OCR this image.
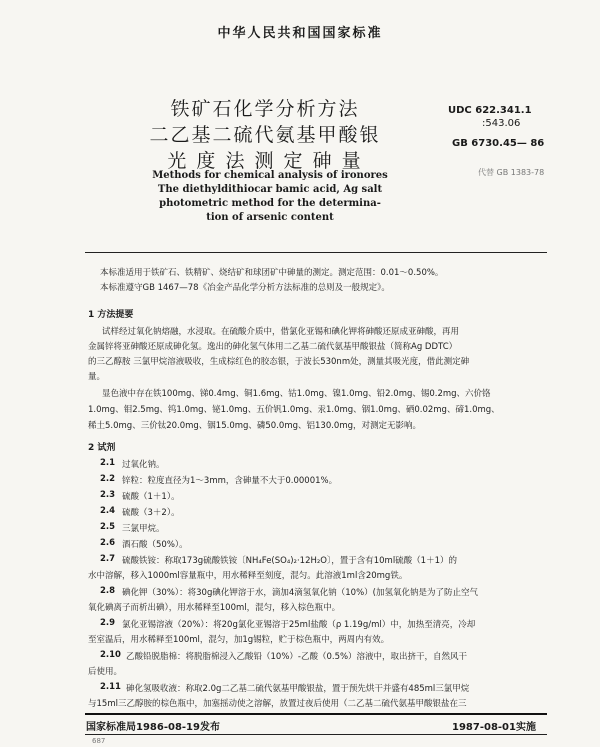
中华人民共和国国家标准
铁矿石化学分析方法
二乙基二硫代氨基甲酸银
光 度 法 测 定 砷 量
Methods for chemical analysis of ironores
The diethyldithiocar bamic acid, Ag salt
photometric method for the determina-
tion of arsenic content
UDC 622.341.1
:543.06
GB 6730.45— 86
代替 GB 1383-78
本标准适用于铁矿石、铁精矿、烧结矿和球团矿中砷量的测定。测定范围：0.01～0.50%。
本标准遵守GB 1467—78《冶金产品化学分析方法标准的总则及一般规定》。
1 方法提要
试样经过氧化钠熔融，水浸取。在硫酸介质中，借氯化亚锡和碘化钾将砷酸还原成亚砷酸，再用
金属锌将亚砷酸还原成砷化氢。逸出的砷化氢气体用二乙基二硫代氨基甲酸银盐（简称Ag DDTC）
的三乙醇胺 三氯甲烷溶液吸收，生成棕红色的胶态银，于波长530nm处，测量其吸光度，借此测定砷
量。
显色液中存在铁100mg、锑0.4mg、铜1.6mg、钴1.0mg、镍1.0mg、铅2.0mg、锡0.2mg、六价铬
1.0mg、钼2.5mg、钨1.0mg、铋1.0mg、五价钒1.0mg、汞1.0mg、铟1.0mg、硒0.02mg、碲1.0mg、
稀土5.0mg、三价钛20.0mg、铟15.0mg、磷50.0mg、铝130.0mg，对测定无影响。
2 试剂
2.1 过氧化钠。
2.2 锌粒：粒度直径为1～3mm，含砷量不大于0.00001%。
2.3 硫酸（1＋1）。
2.4 硫酸（3＋2）。
2.5 三氯甲烷。
2.6 酒石酸（50%）。
2.7 硫酸铁铵：称取173g硫酸铁铵〔NH₄Fe(SO₄)₂·12H₂O〕，置于含有10ml硫酸（1＋1）的
水中溶解，移入1000ml容量瓶中，用水稀释至刻度，混匀。此溶液1ml含20mg铁。
2.8 碘化钾（30%）：将30g碘化钾溶于水，滴加4滴氢氧化钠（10%）(加氢氧化钠是为了防止空气
氧化碘离子而析出碘），用水稀释至100ml，混匀，移入棕色瓶中。
2.9 氯化亚锡溶液（20%）：将20g氯化亚锡溶于25ml盐酸（ρ 1.19g/ml）中，加热至清亮，冷却
至室温后，用水稀释至100ml，混匀，加1g锡粒，贮于棕色瓶中，两周内有效。
2.10 乙酸铅脱脂棉：将脱脂棉浸入乙酸铅（10%）-乙酸（0.5%）溶液中，取出挤干，自然风干
后使用。
2.11 砷化氢吸收液：称取2.0g二乙基二硫代氨基甲酸银盐，置于预先烘干并盛有485ml三氯甲烷
与15ml三乙醇胺的棕色瓶中，加塞摇动使之溶解，放置过夜后使用（二乙基二硫代氨基甲酸银盐在三
国家标准局1986-08-19发布	1987-08-01实施
687
